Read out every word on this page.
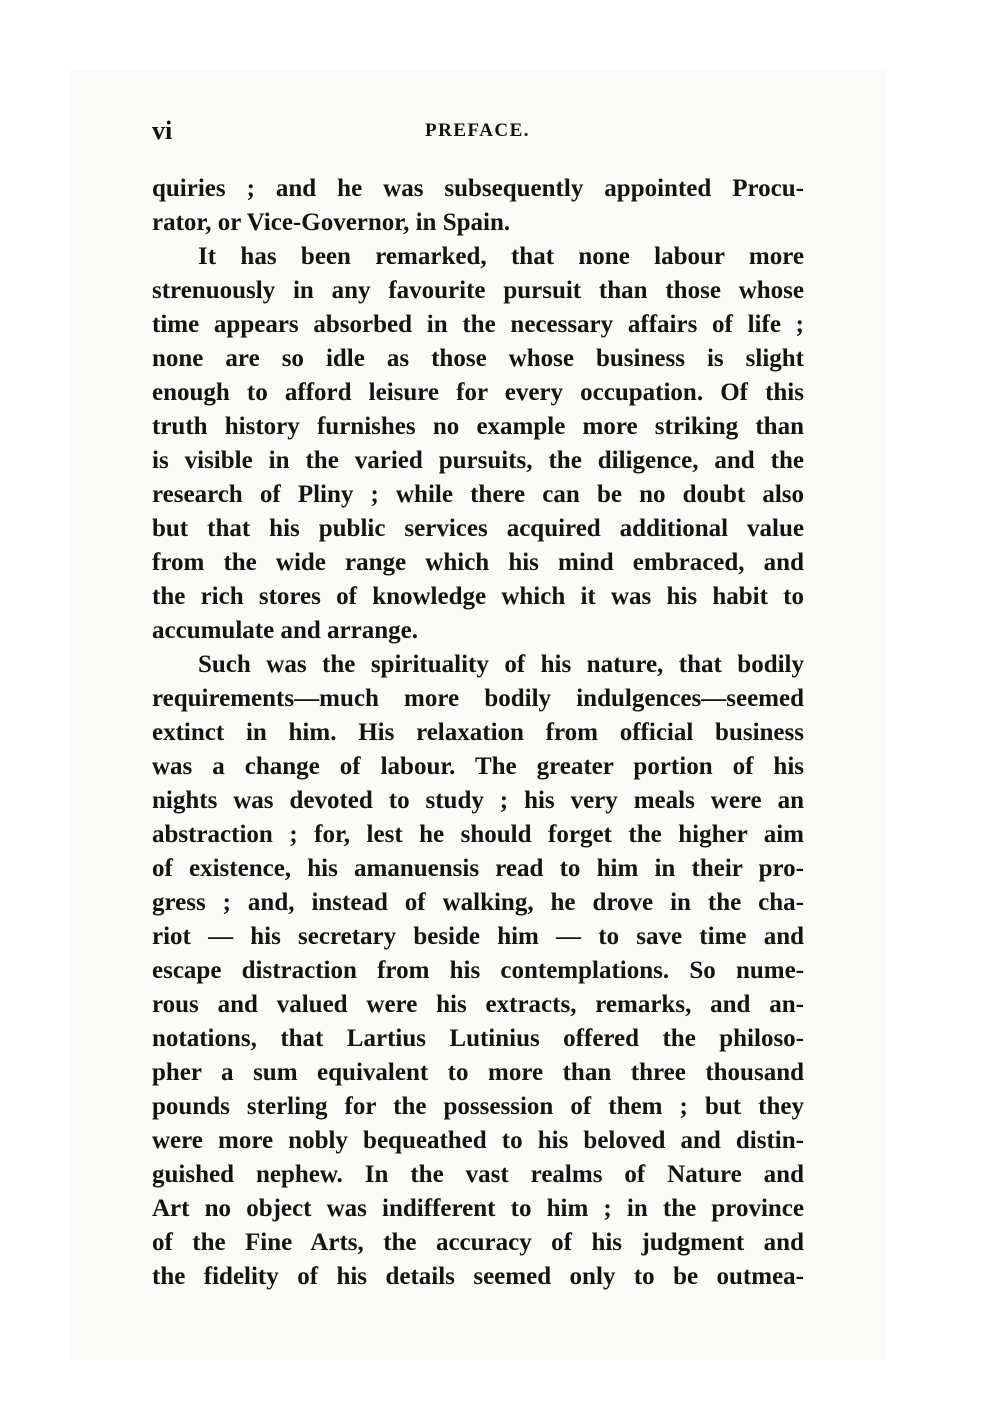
vi	PREFACE.
quiries ; and he was subsequently appointed Procu-
rator, or Vice-Governor, in Spain.
It has been remarked, that none labour more
strenuously in any favourite pursuit than those whose
time appears absorbed in the necessary affairs of life ;
none are so idle as those whose business is slight
enough to afford leisure for every occupation. Of this
truth history furnishes no example more striking than
is visible in the varied pursuits, the diligence, and the
research of Pliny ; while there can be no doubt also
but that his public services acquired additional value
from the wide range which his mind embraced, and
the rich stores of knowledge which it was his habit to
accumulate and arrange.
Such was the spirituality of his nature, that bodily
requirements—much more bodily indulgences—seemed
extinct in him. His relaxation from official business
was a change of labour. The greater portion of his
nights was devoted to study ; his very meals were an
abstraction ; for, lest he should forget the higher aim
of existence, his amanuensis read to him in their pro-
gress ; and, instead of walking, he drove in the cha-
riot — his secretary beside him — to save time and
escape distraction from his contemplations. So nume-
rous and valued were his extracts, remarks, and an-
notations, that Lartius Lutinius offered the philoso-
pher a sum equivalent to more than three thousand
pounds sterling for the possession of them ; but they
were more nobly bequeathed to his beloved and distin-
guished nephew. In the vast realms of Nature and
Art no object was indifferent to him ; in the province
of the Fine Arts, the accuracy of his judgment and
the fidelity of his details seemed only to be outmea-
